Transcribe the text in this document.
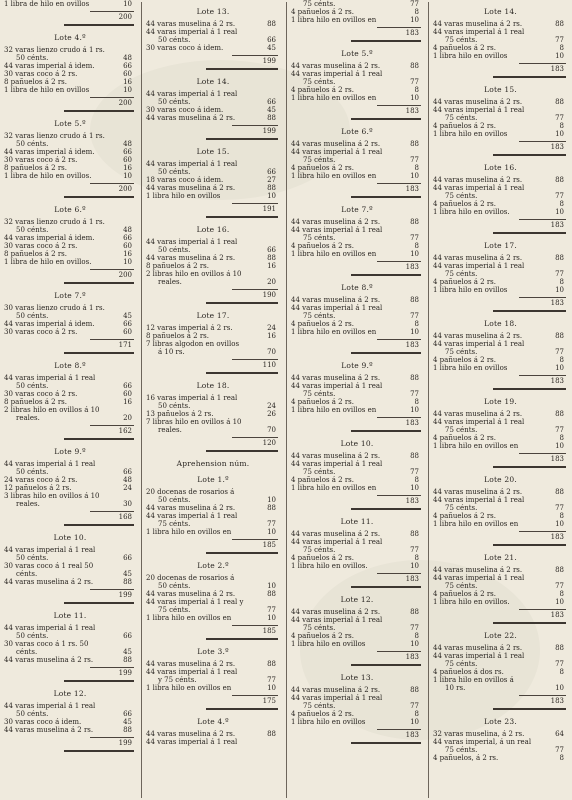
1 libra de hilo en ovillos	10
200
Lote 4.º
32 varas lienzo crudo á 1 rs.
50 cénts.	48
44 varas imperial á idem.	66
30 varas coco á 2 rs.	60
8 pañuelos á 2 rs.	16
1 libra de hilo en ovillos	10
200
Lote 5.º
32 varas lienzo crudo á 1 rs.
50 cénts.	48
44 varas imperial á idem.	66
30 varas coco á 2 rs.	60
8 pañuelos á 2 rs.	16
1 libra de hilo en ovillos.	10
200
Lote 6.º
32 varas lienzo crudo á 1 rs.
50 cénts.	48
44 varas imperial á idem.	66
30 varas coco á 2 rs.	60
8 pañuelos á 2 rs.	16
1 libra de hilo en ovillos.	10
200
Lote 7.º
30 varas lienzo crudo á 1 rs.
50 cénts.	45
44 varas imperial á idem.	66
30 varas coco á 2 rs.	60
171
Lote 8.º
44 varas imperial á 1 real
50 cénts.	66
30 varas coco á 2 rs.	60
8 pañuelos á 2 rs.	16
2 libras hilo en ovillos á 10
reales.	20
162
Lote 9.º
44 varas imperial á 1 real
50 cénts.	66
24 varas coco á 2 rs.	48
12 pañuelos á 2 rs.	24
3 libras hilo en ovillos á 10
reales.	30
168
Lote 10.
44 varas imperial á 1 real
50 cénts.	66
30 varas coco á 1 real 50
cénts.	45
44 varas muselina á 2 rs.	88
199
Lote 11.
44 varas imperial á 1 real
50 cénts.	66
30 varas coco á 1 rs. 50
cénts.	45
44 varas muselina á 2 rs.	88
199
Lote 12.
44 varas imperial á 1 real
50 cénts.	66
30 varas coco á idem.	45
44 varas muselina á 2 rs.	88
199
Lote 13.
44 varas muselina á 2 rs.	88
44 varas imperial á 1 real
50 cénts.	66
30 varas coco á idem.	45
199
Lote 14.
44 varas imperial á 1 real
50 cénts.	66
30 varas coco á idem.	45
44 varas muselina á 2 rs.	88
199
Lote 15.
44 varas imperial á 1 real
50 cénts.	66
18 varas coco á idem.	27
44 varas muselina á 2 rs.	88
1 libra hilo en ovillos	10
191
Lote 16.
44 varas imperial á 1 real
50 cénts.	66
44 varas muselina á 2 rs.	88
8 pañuelos á 2 rs.	16
2 libras hilo en ovillos á 10
reales.	20
190
Lote 17.
12 varas imperial á 2 rs.	24
8 pañuelos á 2 rs.	16
7 libras algodon en ovillos
á 10 rs.	70
110
Lote 18.
16 varas imperial á 1 real
50 cénts.	24
13 pañuelos á 2 rs.	26
7 libras hilo en ovillos á 10
reales.	70
120
Aprehension núm.
Lote 1.º
20 docenas de rosarios á
50 cénts.	10
44 varas muselina á 2 rs.	88
44 varas imperial á 1 real
75 cénts.	77
1 libra hilo en ovillos en	10
185
Lote 2.º
20 docenas de rosarios á
50 cénts.	10
44 varas muselina á 2 rs.	88
44 varas imperial á 1 real y
75 cénts.	77
1 libra hilo en ovillos en	10
185
Lote 3.º
44 varas muselina á 2 rs.	88
44 varas imperial á 1 real
y 75 cénts.	77
1 libra hilo en ovillos en	10
175
Lote 4.º
44 varas muselina á 2 rs.	88
44 varas imperial á 1 real
75 cénts.	77
4 pañuelos á 2 rs.	8
1 libra hilo en ovillos en	10
183
Lote 5.º
44 varas muselina á 2 rs.	88
44 varas imperial á 1 real
75 cénts.	77
4 pañuelos á 2 rs.	8
1 libra hilo en ovillos en	10
183
Lote 6.º
44 varas muselina á 2 rs.	88
44 varas imperial á 1 real
75 cénts.	77
4 pañuelos á 2 rs.	8
1 libra hilo en ovillos en	10
183
Lote 7.º
44 varas muselina á 2 rs.	88
44 varas imperial á 1 real
75 cénts.	77
4 pañuelos á 2 rs.	8
1 libra hilo en ovillos en	10
183
Lote 8.º
44 varas muselina á 2 rs.	88
44 varas imperial á 1 real
75 cénts.	77
4 pañuelos á 2 rs.	8
1 libra hilo en ovillos en	10
183
Lote 9.º
44 varas muselina á 2 rs.	88
44 varas imperial á 1 real
75 cénts.	77
4 pañuelos á 2 rs.	8
1 libra hilo en ovillos en	10
183
Lote 10.
44 varas muselina á 2 rs.	88
44 varas imperial á 1 real
75 cénts.	77
4 pañuelos á 2 rs.	8
1 libra hilo en ovillos en	10
183
Lote 11.
44 varas muselina á 2 rs.	88
44 varas imperial á 1 real
75 cénts.	77
4 pañuelos á 2 rs.	8
1 libra hilo en ovillos.	10
183
Lote 12.
44 varas muselina á 2 rs.	88
44 varas imperial á 1 real
75 cénts.	77
4 pañuelos á 2 rs.	8
1 libra hilo en ovillos	10
183
Lote 13.
44 varas muselina á 2 rs.	88
44 varas imperial á 1 real
75 cénts.	77
4 pañuelos á 2 rs.	8
1 libra hilo en ovillos	10
183
Lote 14.
44 varas muselina á 2 rs.	88
44 varas imperial á 1 real
75 cénts.	77
4 pañuelos á 2 rs.	8
1 libra hilo en ovillos	10
183
Lote 15.
44 varas muselina á 2 rs.	88
44 varas imperial á 1 real
75 cénts.	77
4 pañuelos á 2 rs.	8
1 libra hilo en ovillos	10
183
Lote 16.
44 varas muselina á 2 rs.	88
44 varas imperial á 1 real
75 cénts.	77
4 pañuelos á 2 rs.	8
1 libra hilo en ovillos.	10
183
Lote 17.
44 varas muselina á 2 rs.	88
44 varas imperial á 1 real
75 cénts.	77
4 pañuelos á 2 rs.	8
1 libra hilo en ovillos	10
183
Lote 18.
44 varas muselina á 2 rs.	88
44 varas imperial á 1 real
75 cénts.	77
4 pañuelos á 2 rs.	8
1 libra hilo en ovillos	10
183
Lote 19.
44 varas muselina á 2 rs.	88
44 varas imperial á 1 real
75 cénts.	77
4 pañuelos á 2 rs.	8
1 libra hilo en ovillos en	10
183
Lote 20.
44 varas muselina á 2 rs.	88
44 varas imperial á 1 real
75 cénts.	77
4 pañuelos á 2 rs.	8
1 libra hilo en ovillos en	10
183
Lote 21.
44 varas muselina á 2 rs.	88
44 varas imperial á 1 real
75 cénts.	77
4 pañuelos á 2 rs.	8
1 libra hilo en ovillos.	10
183
Lote 22.
44 varas muselina á 2 rs.	88
44 varas imperial á 1 real
75 cénts.	77
4 pañuelos á dos rs.	8
1 libra hilo en ovillos á
10 rs.	10
183
Lote 23.
32 varas muselina, á 2 rs.	64
44 varas imperial, á un real
75 cénts.	77
4 pañuelos, á 2 rs.	8
